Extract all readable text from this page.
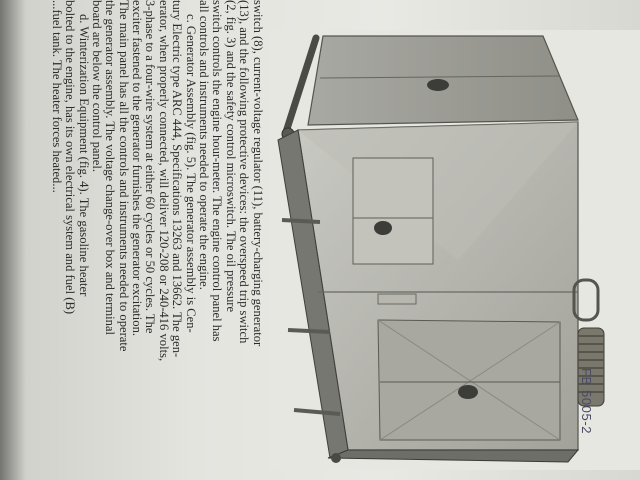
switch (8), current-voltage regulator (11), battery-charging generator
(13), and the following protective devices: the overspeed trip switch
(2, fig. 3) and the safety control microswitch. The oil pressure
switch controls the engine hour-meter. The engine control panel has
all controls and instruments needed to operate the engine.
c. Generator Assembly (fig. 5). The generator assembly is Cen-
tury Electric type ARC 444, Specifications 13263 and 13662. The gen-
erator, when properly connected, will deliver 120-208 or 240-416 volts,
3-phase to a four-wire system at either 60 cycles or 50 cycles. The
exciter fastened to the generator furnishes the generator excitation.
The main panel has all the controls and instruments needed to operate
the generator assembly. The voltage change-over box and terminal
board are below the control panel.
d. Winterization Equipment (fig. 4). The gasoline heater
bolted to the engine, has its own electrical system and fuel (B)
...fuel tank. The heater forces heated...
FB 5005-2
